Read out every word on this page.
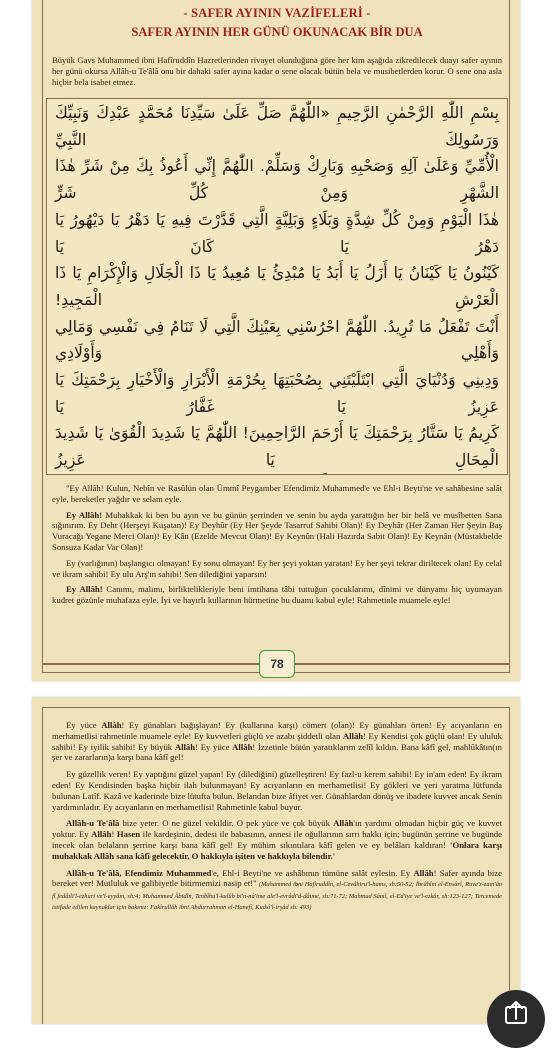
- SAFER AYININ VAZİFELERİ -
SAFER AYININ HER GÜNÜ OKUNACAK BİR DUA
Büyük Gavs Muhammed ibni Hafîruddîn Hazretlerinden rivayet olunduğuna göre her kim aşağıda zikredilecek duayı safer ayının her günü okursa Allâh-u Te'âlâ onu bir dahaki safer ayına kadar o sene olacak bütün bela ve musibetlerden korur. O sene ona asla hiçbir bela isabet etmez.
بِسْمِ اللّٰهِ الرَّحْمٰنِ الرَّحِيمِ «اللّٰهُمَّ صَلِّ عَلَىٰ سَيِّدِنَا مُحَمَّدٍ عَبْدِكَ وَنَبِيِّكَ وَرَسُولِكَ النَّبِيِّ
الْأُمِّيِّ وَعَلَىٰ آلِهِ وَصَحْبِهِ وَبَارِكْ وَسَلِّمْ. اللّٰهُمَّ إِنِّي أَعُوذُ بِكَ مِنْ شَرِّ هٰذَا الشَّهْرِ وَمِنْ كُلِّ شَرٍّ
هٰذَا الْيَوْمِ وَمِنْ كُلِّ شِدَّةٍ وَبَلَاءٍ وَبَلِيَّةٍ الَّتِي قَدَّرْتَ فِيهِ يَا دَهْرُ يَا دَيْهُورُ يَا دَهْرُ يَا كَانَ يَا
كَيْنُونُ يَا كَيْنَانُ يَا أَزَلُ يَا أَبَدُ يَا مُبْدِئُ يَا مُعِيدُ يَا ذَا الْجَلَالِ وَالْإِكْرَامِ يَا ذَا الْعَرْشِ الْمَجِيدِ!
أَنْتَ تَفْعَلُ مَا تُرِيدُ. اللّٰهُمَّ احْرُسْنِي بِعَيْنِكَ الَّتِي لَا تَنَامُ فِي نَفْسِي وَمَالِي وَأَهْلِي وَأَوْلَادِي
وَدِينِي وَدُنْيَايَ الَّتِي ابْتَلَيْتَنِي بِصُحْبَتِهَا بِحُرْمَةِ الْأَبْرَارِ وَالْأَخْيَارِ بِرَحْمَتِكَ يَا عَزِيزُ يَا غَفَّارُ يَا
كَرِيمُ يَا سَتَّارُ بِرَحْمَتِكَ يَا أَرْحَمَ الرَّاحِمِينَ! اللّٰهُمَّ يَا شَدِيدَ الْقُوَىٰ يَا شَدِيدَ الْمِحَالِ يَا عَزِيزُ

"Ey Allâh! Kulun, Nebîn ve Rasûlün olan Ümmî Peygamber Efendimiz Muhammed'e ve Ehl-i Beyti'ne ve sahâbesine salât eyle, bereketler yağdır ve selam eyle.

Ey Allâh! Muhakkak ki ben bu ayın ve bu günün şerrinden ve senin bu ayda yarattığın her bir belâ ve musîbetten Sana sığınırım. Ey Dehr (Herşeyi Kuşatan)! Ey Deyhûr (Ey Her Şeyde Tasarruf Sahibi Olan)! Ey Deyhâr (Her Zaman Her Şeyin Baş Vuracağı Yegane Merci Olan)! Ey Kân (Ezelde Mevcut Olan)! Ey Keynûn (Hali Hazırda Sabit Olan)! Ey Keynân (Müstakbelde Sonsuza Kadar Var Olan)!

Ey (varlığının) başlangıcı olmayan! Ey sonu olmayan! Ey her şeyi yoktan yaratan! Ey her şeyi tekrar diriltecek olan! Ey celal ve ikram sahibi! Ey ulu Arş'ın sahibi! Sen dilediğini yaparsın!

Ey Allâh! Canımı, malımı, birliktelikleriyle beni imtihana tâbi tuttuğun çocuklarımı, dînimi ve dünyamı hiç uyumayan kudret gözünle muhafaza eyle. İyi ve hayırlı kullarının hürmetine bu duamı kabul eyle! Rahmetinle muamele eyle!

78

Ey yüce Allâh! Ey günahları bağışlayan! Ey (kullarına karşı) cömert (olan)! Ey günahları örten! Ey acıyanların en merhametlisi rahmetinle muamele eyle! Ey kuvvetleri güçlü ve azabı şiddetli olan Allâh! Ey Kendisi çok güçlü olan! Ey ululuk sahibi! Ey iyilik sahibi! Ey büyük Allâh! Ey yüce Allâh! İzzetinle bütün yaratıklarım zelîl kıldın. Bana kâfî gel, mahlûkâtın(ın şer ve zararların)a karşı bana kâfî gel!

Ey güzellik veren! Ey yaptığını güzel yapan! Ey (dilediğini) güzelleştiren! Ey fazl-u kerem sahibi! Ey in'am eden! Ey ikram eden! Ey Kendisinden başka hiçbir ilah bulunmayan! Ey acıyanların en merhametlisi! Ey gökleri ve yeri yaratma lütfunda bulunan Latîf. Kazâ ve kaderinde bize lütufta bulun. Belandan bize âfiyet ver. Günahlardan dönüş ve ibadete kuvvet ancak Senin yardımınladır. Ey acıyanların en merhametlisi! Rahmetinle kabul buyur.

Allâh-u Te'âlâ bize yeter. O ne güzel vekildir. O pek yüce ve çok büyük Allâh'ın yardımı olmadan hiçbir güç ve kuvvet yoktur. Ey Allâh! Hasen ile kardeşinin, dedesi ile babasının, annesi ile oğullarının sırrı hakkı için; bugünün şerrine ve bugünde inecek olan belaların şerrine karşı bana kâfî gel! Ey mühim sıkıntılara kâfî gelen ve ey belâları kaldıran! 'Onlara karşı muhakkak Allâh sana kâfî gelecektir, O hakkıyla işiten ve hakkıyla bilendir.'

Allâh-u Te'âlâ, Efendimiz Muhammed'e, Ehl-i Beyti'ne ve ashâbının tümüne salât eylesin. Ey Allâh! Safer ayında bize bereket ver! Mutluluk ve galibiyetle bitirmemizi nasip et!" (Muhammed ibni Hafîruddîn, el-Cevâhiru'l-hams, sh:50-52; İbrâhîm el-Ensârî, Ruve'z-zam'ân fî fedâili'l-ezhuri ve'l-eyyâm, sh:4; Muhammed Âbidîn, Tenbîhu'l-kulûb bi'n-nâ'ime ale'l-evrâdi'd-dâime, sh:71-72; Mahmud Sâmî, el-Ed'iye ve'l-ezkâr, sh:123-127; Tercemede istifade edilen kaynaklar için bakınız: Fakîrullâh ibni Abdurrahman el-Hanefî, Kudsî'l-irşâd sh: 493)
